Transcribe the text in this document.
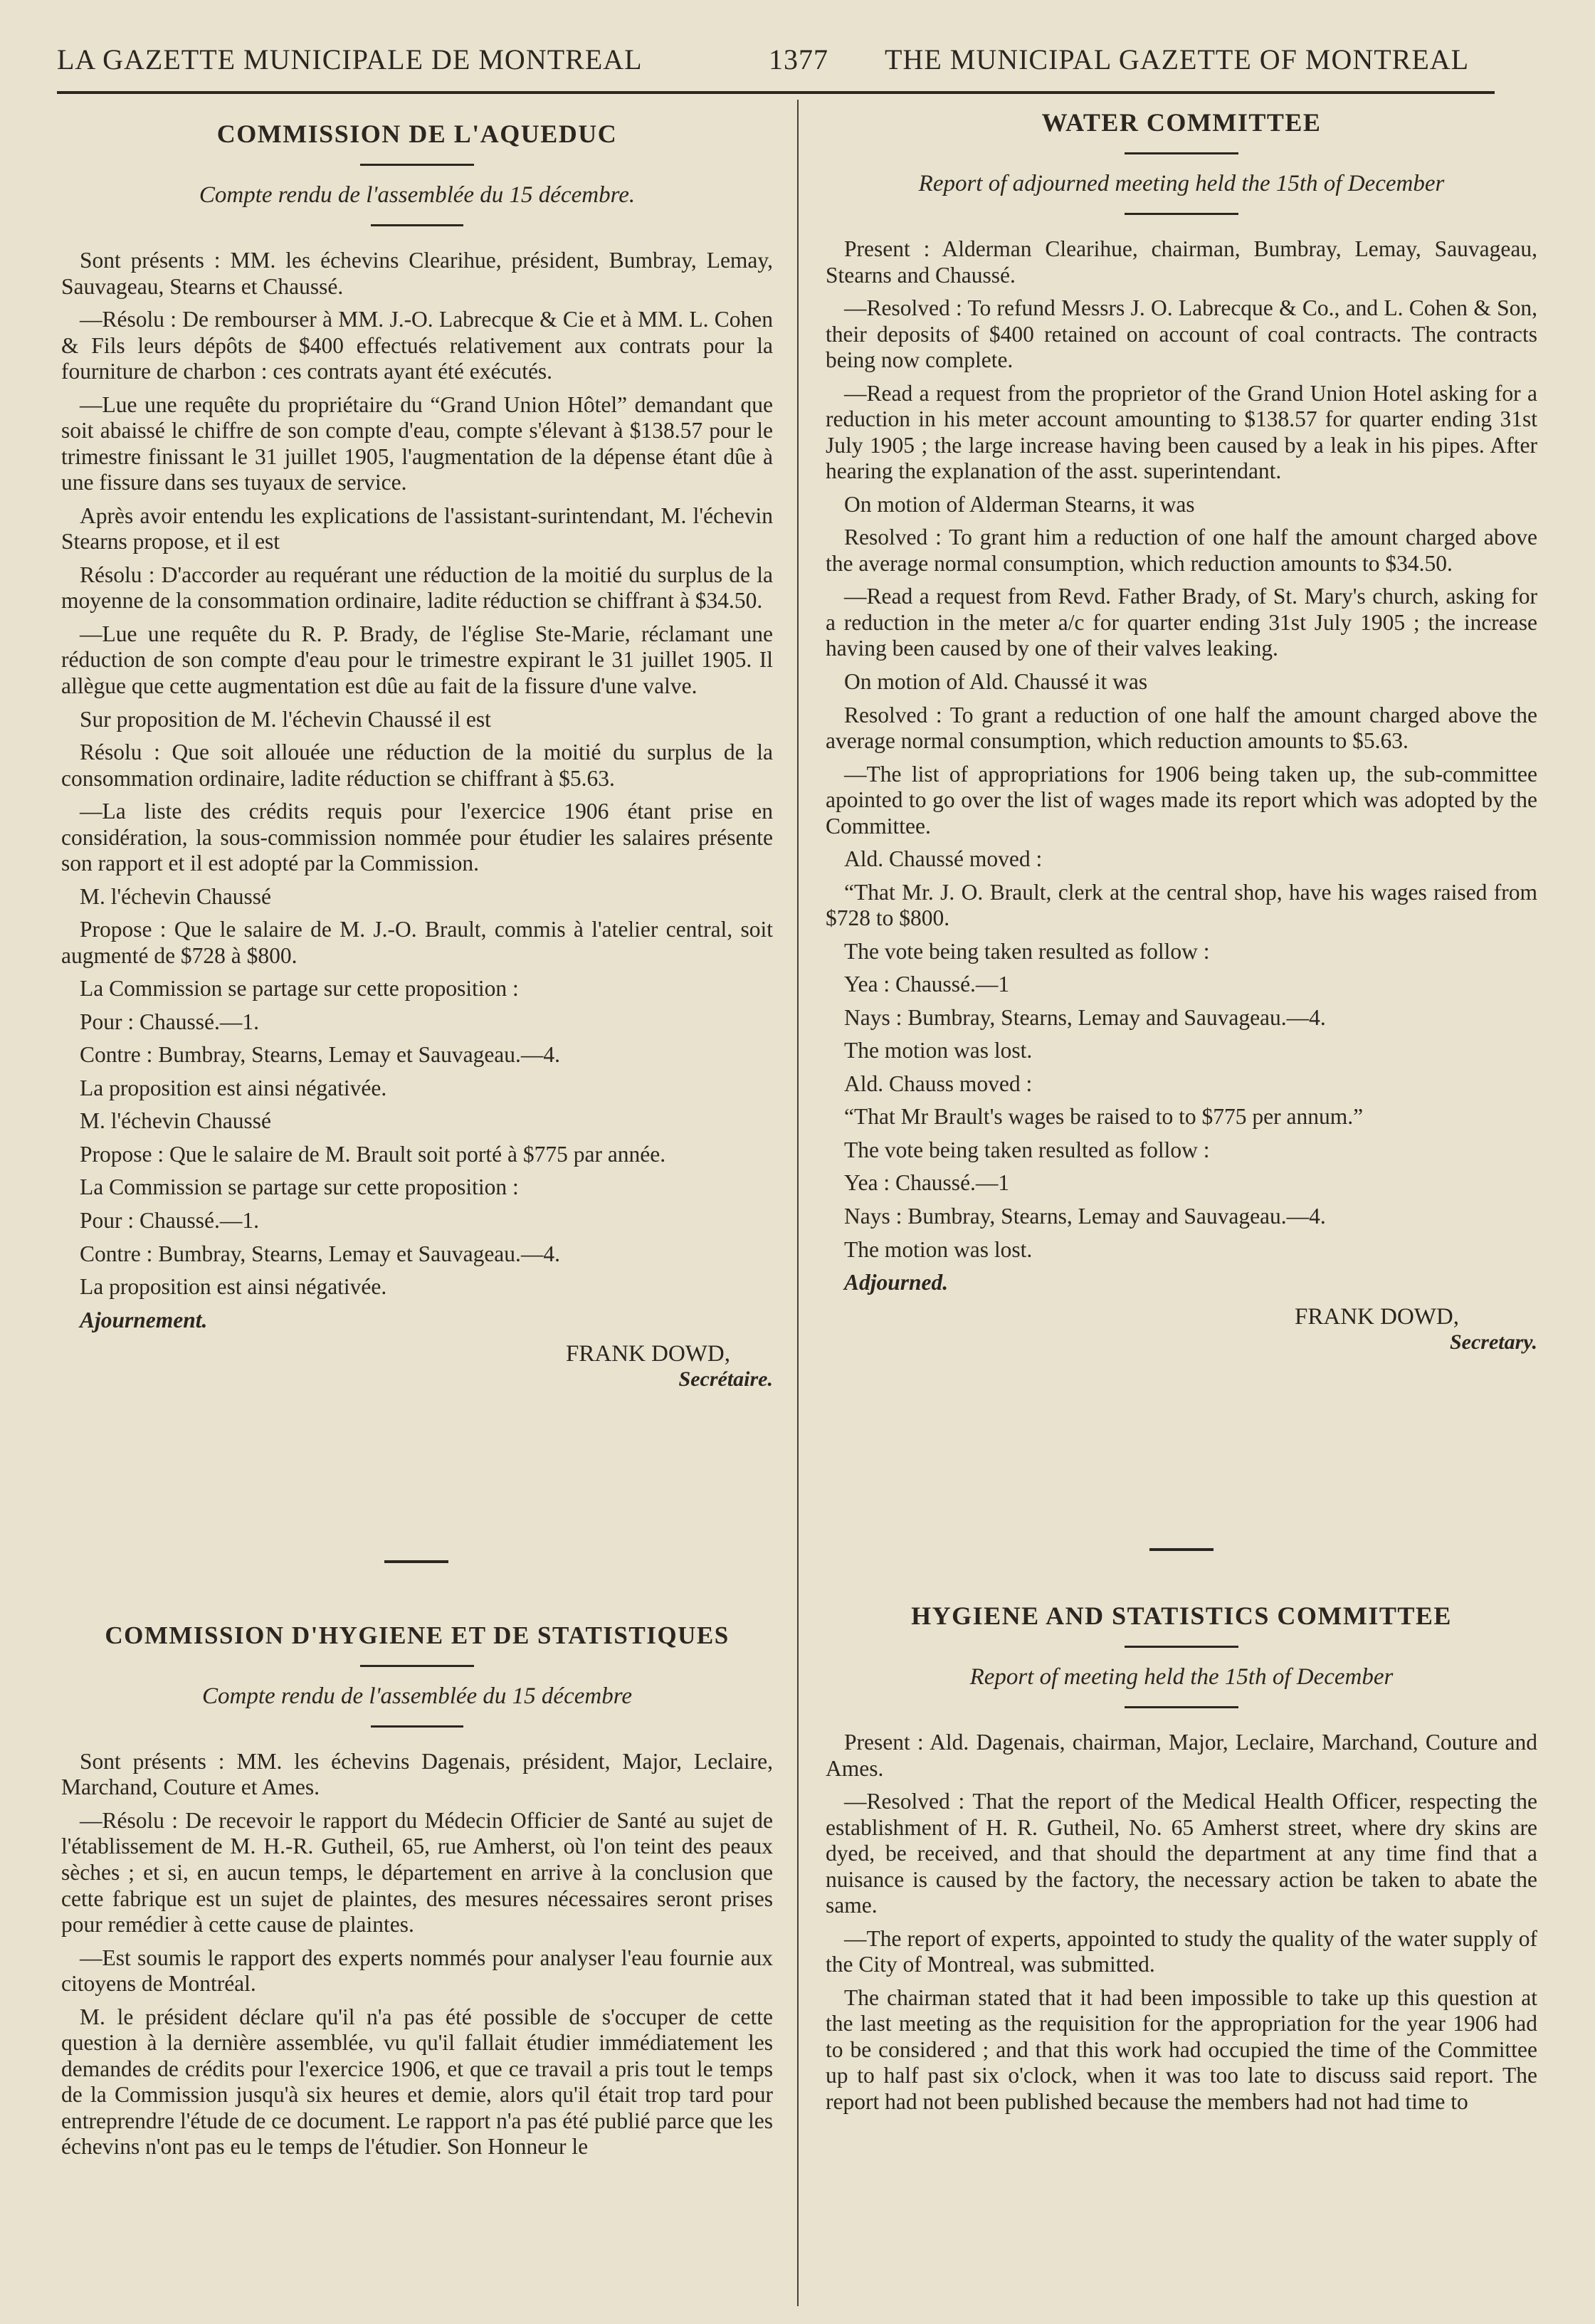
LA GAZETTE MUNICIPALE DE MONTREAL	1377 THE MUNICIPAL GAZETTE OF MONTREAL
COMMISSION DE L'AQUEDUC
Compte rendu de l'assemblée du 15 décembre.

Sont présents : MM. les échevins Clearihue, président, Bumbray, Lemay, Sauvageau, Stearns et Chaussé.

—Résolu : De rembourser à MM. J.-O. Labrecque & Cie et à MM. L. Cohen & Fils leurs dépôts de $400 effectués relativement aux contrats pour la fourniture de charbon : ces contrats ayant été exécutés.

—Lue une requête du propriétaire du “Grand Union Hôtel” demandant que soit abaissé le chiffre de son compte d'eau, compte s'élevant à $138.57 pour le trimestre finissant le 31 juillet 1905, l'augmentation de la dépense étant dûe à une fissure dans ses tuyaux de service.

Après avoir entendu les explications de l'assistant-surintendant, M. l'échevin Stearns propose, et il est

Résolu : D'accorder au requérant une réduction de la moitié du surplus de la moyenne de la consommation ordinaire, ladite réduction se chiffrant à $34.50.

—Lue une requête du R. P. Brady, de l'église Ste-Marie, réclamant une réduction de son compte d'eau pour le trimestre expirant le 31 juillet 1905. Il allègue que cette augmentation est dûe au fait de la fissure d'une valve.

Sur proposition de M. l'échevin Chaussé il est

Résolu : Que soit allouée une réduction de la moitié du surplus de la consommation ordinaire, ladite réduction se chiffrant à $5.63.

—La liste des crédits requis pour l'exercice 1906 étant prise en considération, la sous-commission nommée pour étudier les salaires présente son rapport et il est adopté par la Commission.

M. l'échevin Chaussé

Propose : Que le salaire de M. J.-O. Brault, commis à l'atelier central, soit augmenté de $728 à $800.

La Commission se partage sur cette proposition :

Pour : Chaussé.—1.

Contre : Bumbray, Stearns, Lemay et Sauvageau.—4.

La proposition est ainsi négativée.

M. l'échevin Chaussé

Propose : Que le salaire de M. Brault soit porté à $775 par année.

La Commission se partage sur cette proposition :

Pour : Chaussé.—1.

Contre : Bumbray, Stearns, Lemay et Sauvageau.—4.

La proposition est ainsi négativée.

Ajournement.

FRANK DOWD,
Secrétaire.
COMMISSION D'HYGIENE ET DE STATISTIQUES
Compte rendu de l'assemblée du 15 décembre

Sont présents : MM. les échevins Dagenais, président, Major, Leclaire, Marchand, Couture et Ames.

—Résolu : De recevoir le rapport du Médecin Officier de Santé au sujet de l'établissement de M. H.-R. Gutheil, 65, rue Amherst, où l'on teint des peaux sèches ; et si, en aucun temps, le département en arrive à la conclusion que cette fabrique est un sujet de plaintes, des mesures nécessaires seront prises pour remédier à cette cause de plaintes.

—Est soumis le rapport des experts nommés pour analyser l'eau fournie aux citoyens de Montréal.

M. le président déclare qu'il n'a pas été possible de s'occuper de cette question à la dernière assemblée, vu qu'il fallait étudier immédiatement les demandes de crédits pour l'exercice 1906, et que ce travail a pris tout le temps de la Commission jusqu'à six heures et demie, alors qu'il était trop tard pour entreprendre l'étude de ce document. Le rapport n'a pas été publié parce que les échevins n'ont pas eu le temps de l'étudier. Son Honneur le

WATER COMMITTEE
Report of adjourned meeting held the 15th of December

Present : Alderman Clearihue, chairman, Bumbray, Lemay, Sauvageau, Stearns and Chaussé.

—Resolved : To refund Messrs J. O. Labrecque & Co., and L. Cohen & Son, their deposits of $400 retained on account of coal contracts. The contracts being now complete.

—Read a request from the proprietor of the Grand Union Hotel asking for a reduction in his meter account amounting to $138.57 for quarter ending 31st July 1905 ; the large increase having been caused by a leak in his pipes. After hearing the explanation of the asst. superintendant.

On motion of Alderman Stearns, it was

Resolved : To grant him a reduction of one half the amount charged above the average normal consumption, which reduction amounts to $34.50.

—Read a request from Revd. Father Brady, of St. Mary's church, asking for a reduction in the meter a/c for quarter ending 31st July 1905 ; the increase having been caused by one of their valves leaking.

On motion of Ald. Chaussé it was

Resolved : To grant a reduction of one half the amount charged above the average normal consumption, which reduction amounts to $5.63.

—The list of appropriations for 1906 being taken up, the sub-committee apointed to go over the list of wages made its report which was adopted by the Committee.

Ald. Chaussé moved :

“That Mr. J. O. Brault, clerk at the central shop, have his wages raised from $728 to $800.

The vote being taken resulted as follow :

Yea : Chaussé.—1

Nays : Bumbray, Stearns, Lemay and Sauvageau.—4.

The motion was lost.

Ald. Chauss moved :

“That Mr Brault's wages be raised to to $775 per annum.”

The vote being taken resulted as follow :

Yea : Chaussé.—1

Nays : Bumbray, Stearns, Lemay and Sauvageau.—4.

The motion was lost.

Adjourned.

FRANK DOWD,
Secretary.
HYGIENE AND STATISTICS COMMITTEE
Report of meeting held the 15th of December

Present : Ald. Dagenais, chairman, Major, Leclaire, Marchand, Couture and Ames.

—Resolved : That the report of the Medical Health Officer, respecting the establishment of H. R. Gutheil, No. 65 Amherst street, where dry skins are dyed, be received, and that should the department at any time find that a nuisance is caused by the factory, the necessary action be taken to abate the same.

—The report of experts, appointed to study the quality of the water supply of the City of Montreal, was submitted.

The chairman stated that it had been impossible to take up this question at the last meeting as the requisition for the appropriation for the year 1906 had to be considered ; and that this work had occupied the time of the Committee up to half past six o'clock, when it was too late to discuss said report. The report had not been published because the members had not had time to
